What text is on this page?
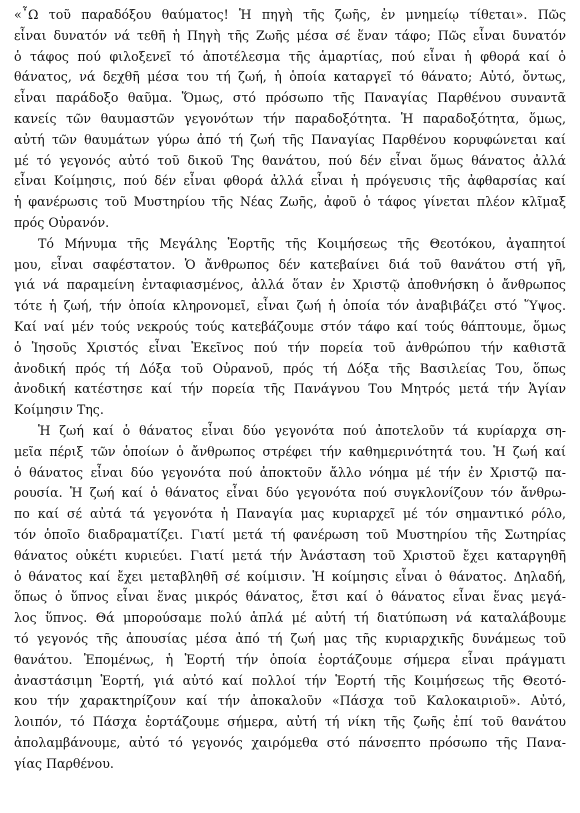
«῏Ω τοῦ παραδόξου θαύματος! Ἡ πηγὴ τῆς ζωῆς, ἐν μνημείῳ τίθεται». Πῶς
εἶναι δυνατόν νά τεθῆ ἡ Πηγὴ τῆς Ζωῆς μέσα σέ ἕναν τάφο; Πῶς εἶναι δυνατόν
ὁ τάφος πού φιλοξενεῖ τό ἀποτέλεσμα τῆς ἁμαρτίας, πού εἶναι ἡ φθορά καί ὁ
θάνατος, νά δεχθῆ μέσα του τή ζωή, ἡ ὁποία καταργεῖ τό θάνατο; Αὐτό, ὄντως,
εἶναι παράδοξο θαῦμα. Ὅμως, στό πρόσωπο τῆς Παναγίας Παρθένου συναντᾶ
κανείς τῶν θαυμαστῶν γεγονότων τήν παραδοξότητα. Ἡ παραδοξότητα, ὅμως,
αὐτή τῶν θαυμάτων γύρω ἀπό τή ζωή τῆς Παναγίας Παρθένου κορυφώνεται καί
μέ τό γεγονός αὐτό τοῦ δικοῦ Της θανάτου, πού δέν εἶναι ὅμως θάνατος ἀλλά
εἶναι Κοίμησις, πού δέν εἶναι φθορά ἀλλά εἶναι ἡ πρόγευσις τῆς ἀφθαρσίας καί
ἡ φανέρωσις τοῦ Μυστηρίου τῆς Νέας Ζωῆς, ἀφοῦ ὁ τάφος γίνεται πλέον κλῖμαξ
πρός Οὐρανόν.
Τό Μήνυμα τῆς Μεγάλης Ἑορτῆς τῆς Κοιμήσεως τῆς Θεοτόκου, ἀγαπητοί
μου, εἶναι σαφέστατον. Ὁ ἄνθρωπος δέν κατεβαίνει διά τοῦ θανάτου στή γῆ,
γιά νά παραμείνη ἐνταφιασμένος, ἀλλά ὅταν ἐν Χριστῷ ἀποθνήσκη ὁ ἄνθρωπος
τότε ἡ ζωή, τήν ὁποία κληρονομεῖ, εἶναι ζωή ἡ ὁποία τόν ἀναβιβάζει στό Ὕψος.
Καί ναί μέν τούς νεκρούς τούς κατεβάζουμε στόν τάφο καί τούς θάπτουμε, ὅμως
ὁ Ἰησοῦς Χριστός εἶναι Ἐκεῖνος πού τήν πορεία τοῦ ἀνθρώπου τήν καθιστᾶ
ἀνοδική πρός τή Δόξα τοῦ Οὐρανοῦ, πρός τή Δόξα τῆς Βασιλείας Του, ὅπως
ἀνοδική κατέστησε καί τήν πορεία τῆς Πανάγνου Του Μητρός μετά τήν Ἁγίαν
Κοίμησιν Της.
Ἡ ζωή καί ὁ θάνατος εἶναι δύο γεγονότα πού ἀποτελοῦν τά κυρίαρχα ση-
μεῖα πέριξ τῶν ὁποίων ὁ ἄνθρωπος στρέφει τήν καθημερινότητά του. Ἡ ζωή καί
ὁ θάνατος εἶναι δύο γεγονότα πού ἀποκτοῦν ἄλλο νόημα μέ τήν ἐν Χριστῷ πα-
ρουσία. Ἡ ζωή καί ὁ θάνατος εἶναι δύο γεγονότα πού συγκλονίζουν τόν ἄνθρω-
πο καί σέ αὐτά τά γεγονότα ἡ Παναγία μας κυριαρχεῖ μέ τόν σημαντικό ρόλο,
τόν ὁποῖο διαδραματίζει. Γιατί μετά τή φανέρωση τοῦ Μυστηρίου τῆς Σωτηρίας
θάνατος οὐκέτι κυριεύει. Γιατί μετά τήν Ἀνάσταση τοῦ Χριστοῦ ἔχει καταργηθῆ
ὁ θάνατος καί ἔχει μεταβληθῆ σέ κοίμισιν. Ἡ κοίμησις εἶναι ὁ θάνατος. Δηλαδή,
ὅπως ὁ ὕπνος εἶναι ἕνας μικρός θάνατος, ἔτσι καί ὁ θάνατος εἶναι ἕνας μεγά-
λος ὕπνος. Θά μπορούσαμε πολύ ἁπλά μέ αὐτή τή διατύπωση νά καταλάβουμε
τό γεγονός τῆς ἀπουσίας μέσα ἀπό τή ζωή μας τῆς κυριαρχικῆς δυνάμεως τοῦ
θανάτου. Ἐπομένως, ἡ Ἑορτή τήν ὁποία ἑορτάζουμε σήμερα εἶναι πράγματι
ἀναστάσιμη Ἑορτή, γιά αὐτό καί πολλοί τήν Ἑορτή τῆς Κοιμήσεως τῆς Θεοτό-
κου τήν χαρακτηρίζουν καί τήν ἀποκαλοῦν «Πάσχα τοῦ Καλοκαιριοῦ». Αὐτό,
λοιπόν, τό Πάσχα ἑορτάζουμε σήμερα, αὐτή τή νίκη τῆς ζωῆς ἐπί τοῦ θανάτου
ἀπολαμβάνουμε, αὐτό τό γεγονός χαιρόμεθα στό πάνσεπτο πρόσωπο τῆς Πανα-
γίας Παρθένου.
